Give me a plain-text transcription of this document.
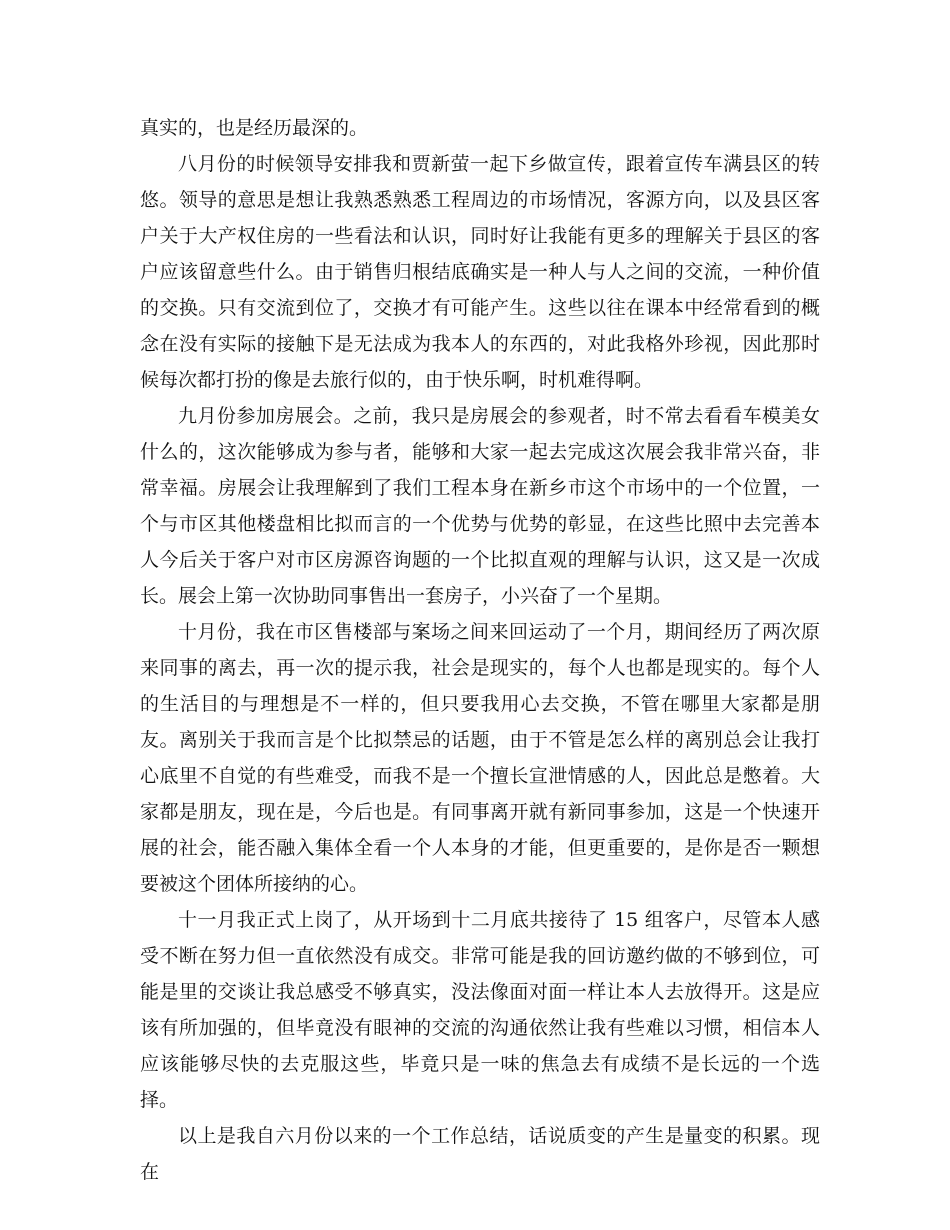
真实的，也是经历最深的。

八月份的时候领导安排我和贾新萤一起下乡做宣传，跟着宣传车满县区的转悠。领导的意思是想让我熟悉熟悉工程周边的市场情况，客源方向，以及县区客户关于大产权住房的一些看法和认识，同时好让我能有更多的理解关于县区的客户应该留意些什么。由于销售归根结底确实是一种人与人之间的交流，一种价值的交换。只有交流到位了，交换才有可能产生。这些以往在课本中经常看到的概念在没有实际的接触下是无法成为我本人的东西的，对此我格外珍视，因此那时候每次都打扮的像是去旅行似的，由于快乐啊，时机难得啊。

九月份参加房展会。之前，我只是房展会的参观者，时不常去看看车模美女什么的，这次能够成为参与者，能够和大家一起去完成这次展会我非常兴奋，非常幸福。房展会让我理解到了我们工程本身在新乡市这个市场中的一个位置，一个与市区其他楼盘相比拟而言的一个优势与优势的彰显，在这些比照中去完善本人今后关于客户对市区房源咨询题的一个比拟直观的理解与认识，这又是一次成长。展会上第一次协助同事售出一套房子，小兴奋了一个星期。

十月份，我在市区售楼部与案场之间来回运动了一个月，期间经历了两次原来同事的离去，再一次的提示我，社会是现实的，每个人也都是现实的。每个人的生活目的与理想是不一样的，但只要我用心去交换，不管在哪里大家都是朋友。离别关于我而言是个比拟禁忌的话题，由于不管是怎么样的离别总会让我打心底里不自觉的有些难受，而我不是一个擅长宣泄情感的人，因此总是憋着。大家都是朋友，现在是，今后也是。有同事离开就有新同事参加，这是一个快速开展的社会，能否融入集体全看一个人本身的才能，但更重要的，是你是否一颗想要被这个团体所接纳的心。

十一月我正式上岗了，从开场到十二月底共接待了 15 组客户，尽管本人感受不断在努力但一直依然没有成交。非常可能是我的回访邀约做的不够到位，可能是里的交谈让我总感受不够真实，没法像面对面一样让本人去放得开。这是应该有所加强的，但毕竟没有眼神的交流的沟通依然让我有些难以习惯，相信本人应该能够尽快的去克服这些，毕竟只是一味的焦急去有成绩不是长远的一个选择。

以上是我自六月份以来的一个工作总结，话说质变的产生是量变的积累。现在
